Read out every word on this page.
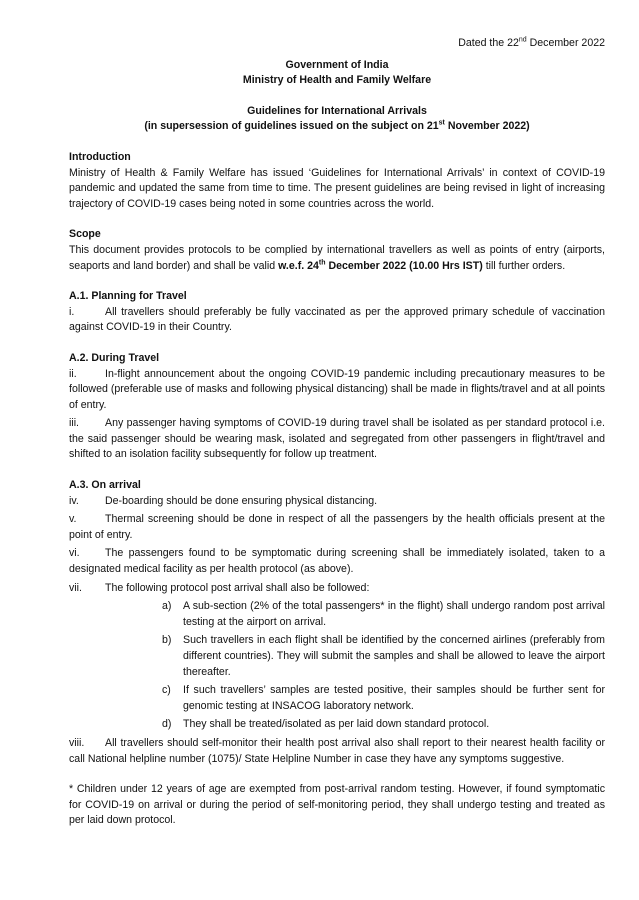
Dated the 22nd December 2022

Government of India

Ministry of Health and Family Welfare

Guidelines for International Arrivals

(in supersession of guidelines issued on the subject on 21st November 2022)

Introduction

Ministry of Health & Family Welfare has issued ‘Guidelines for International Arrivals’ in context of COVID-19 pandemic and updated the same from time to time. The present guidelines are being revised in light of increasing trajectory of COVID-19 cases being noted in some countries across the world.

Scope

This document provides protocols to be complied by international travellers as well as points of entry (airports, seaports and land border) and shall be valid w.e.f. 24th December 2022 (10.00 Hrs IST) till further orders.

A.1. Planning for Travel

i.	All travellers should preferably be fully vaccinated as per the approved primary schedule of vaccination against COVID-19 in their Country.

A.2. During Travel

ii.	In-flight announcement about the ongoing COVID-19 pandemic including precautionary measures to be followed (preferable use of masks and following physical distancing) shall be made in flights/travel and at all points of entry.

iii. Any passenger having symptoms of COVID-19 during travel shall be isolated as per standard protocol i.e. the said passenger should be wearing mask, isolated and segregated from other passengers in flight/travel and shifted to an isolation facility subsequently for follow up treatment.

A.3. On arrival

iv. De-boarding should be done ensuring physical distancing.

v.	Thermal screening should be done in respect of all the passengers by the health officials present at the point of entry.

vi. The passengers found to be symptomatic during screening shall be immediately isolated, taken to a designated medical facility as per health protocol (as above).

vii. The following protocol post arrival shall also be followed:

a) A sub-section (2% of the total passengers* in the flight) shall undergo random post arrival testing at the airport on arrival.

b) Such travellers in each flight shall be identified by the concerned airlines (preferably from different countries). They will submit the samples and shall be allowed to leave the airport thereafter.

c) If such travellers’ samples are tested positive, their samples should be further sent for genomic testing at INSACOG laboratory network.

d) They shall be treated/isolated as per laid down standard protocol.

viii. All travellers should self-monitor their health post arrival also shall report to their nearest health facility or call National helpline number (1075)/ State Helpline Number in case they have any symptoms suggestive.

* Children under 12 years of age are exempted from post-arrival random testing. However, if found symptomatic for COVID-19 on arrival or during the period of self-monitoring period, they shall undergo testing and treated as per laid down protocol.
